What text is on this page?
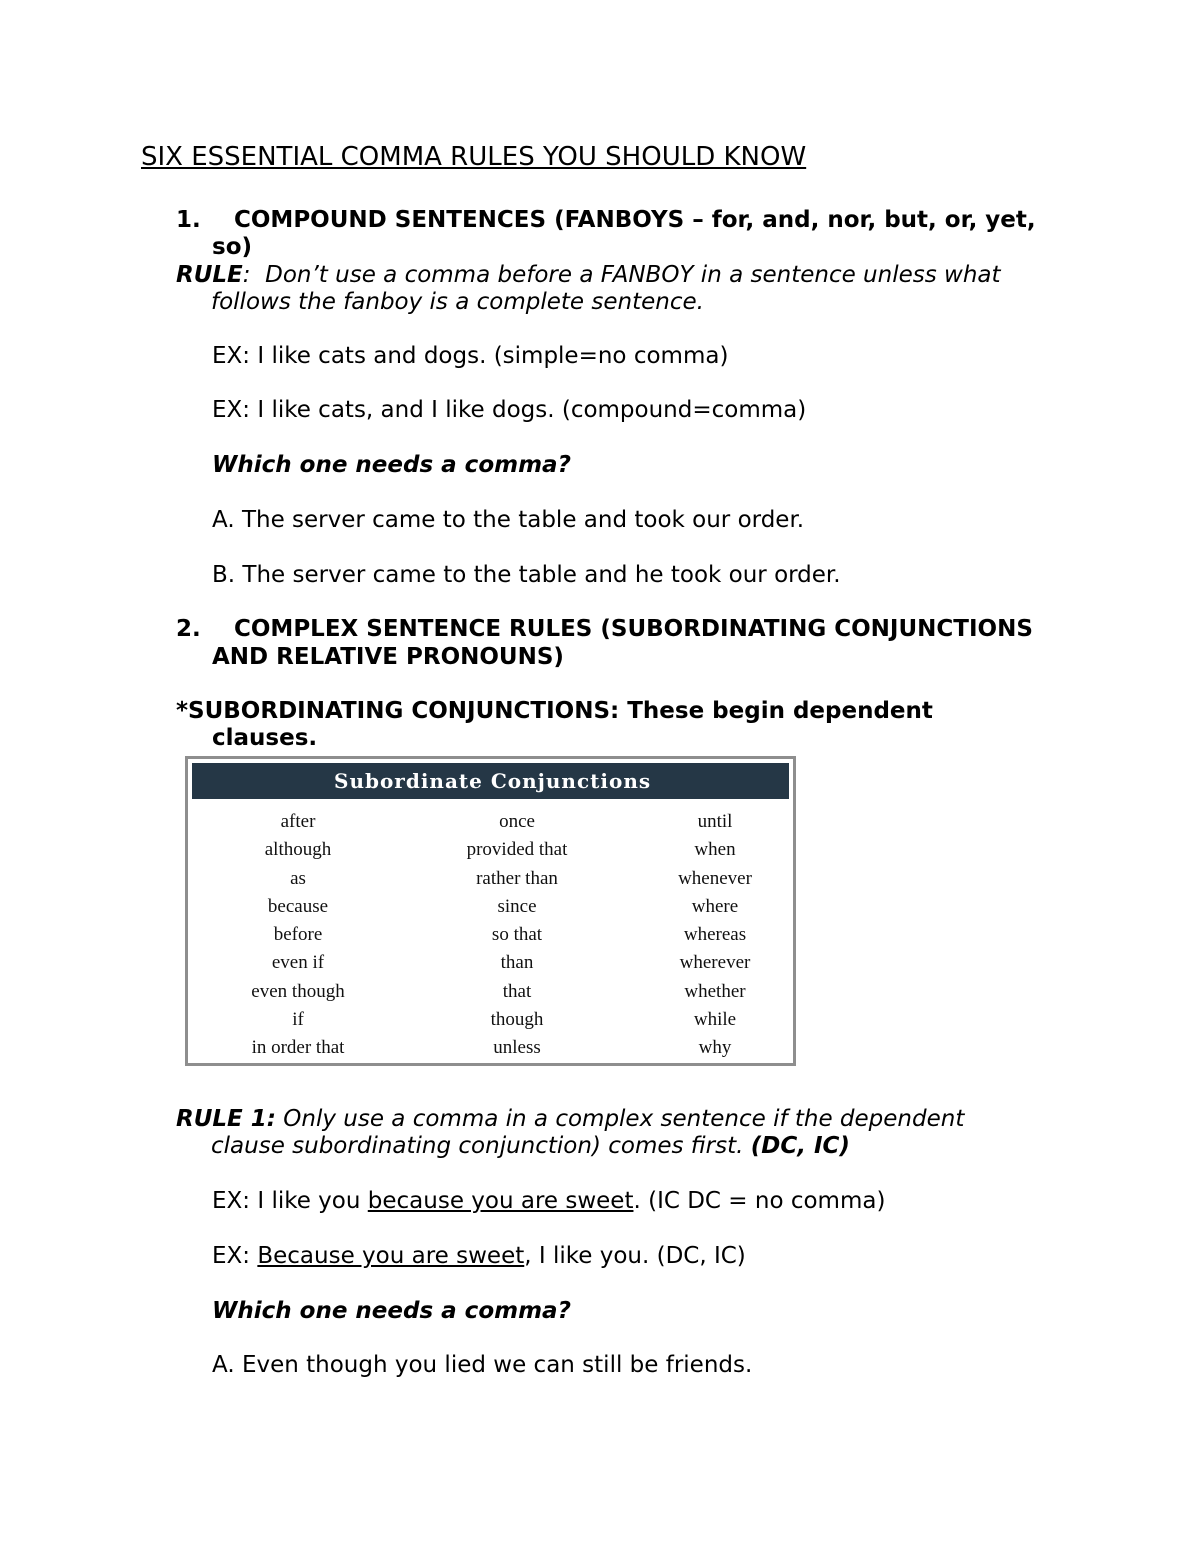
SIX ESSENTIAL COMMA RULES YOU SHOULD KNOW
1. COMPOUND SENTENCES (FANBOYS – for, and, nor, but, or, yet,
so)
RULE:  Don’t use a comma before a FANBOY in a sentence unless what
follows the fanboy is a complete sentence.
EX: I like cats and dogs. (simple=no comma)
EX: I like cats, and I like dogs. (compound=comma)
Which one needs a comma?
A. The server came to the table and took our order.
B. The server came to the table and he took our order.
2. COMPLEX SENTENCE RULES (SUBORDINATING CONJUNCTIONS
AND RELATIVE PRONOUNS)
*SUBORDINATING CONJUNCTIONS: These begin dependent
clauses.
Subordinate Conjunctions
after
although
as
because
before
even if
even though
if
in order that
once
provided that
rather than
since
so that
than
that
though
unless
until
when
whenever
where
whereas
wherever
whether
while
why
RULE 1: Only use a comma in a complex sentence if the dependent
clause subordinating conjunction) comes first. (DC, IC)
EX: I like you because you are sweet. (IC DC = no comma)
EX: Because you are sweet, I like you. (DC, IC)
Which one needs a comma?
A. Even though you lied we can still be friends.
